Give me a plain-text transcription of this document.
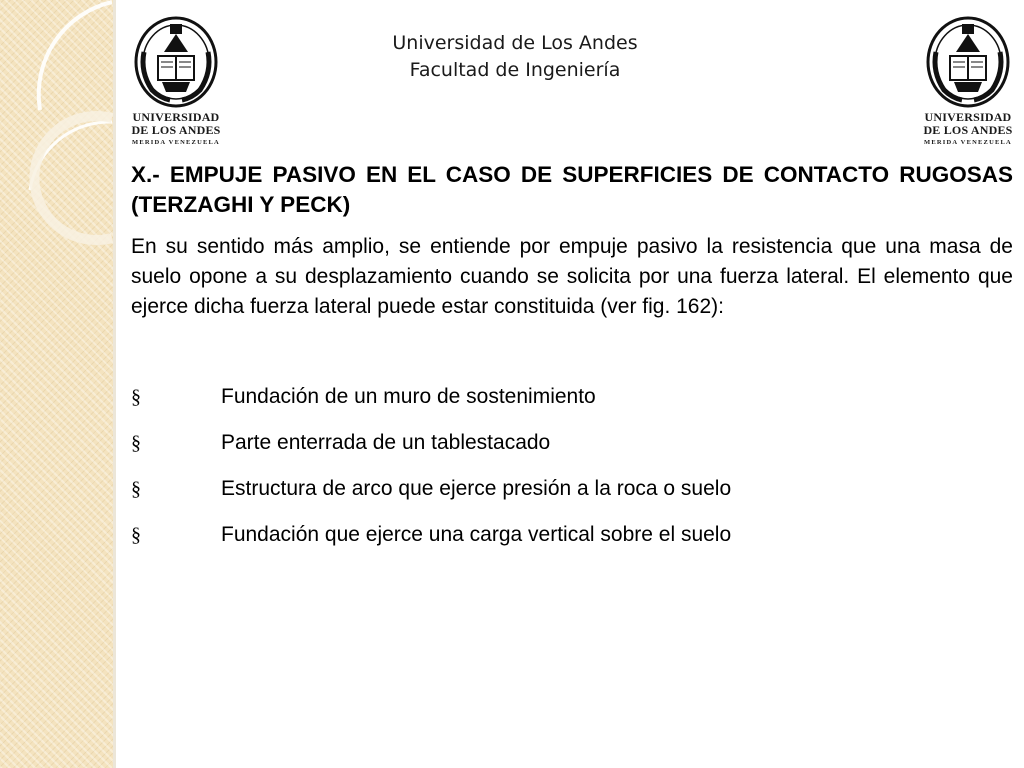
UNIVERSIDAD
DE LOS ANDES
MERIDA VENEZUELA
UNIVERSIDAD
DE LOS ANDES
MERIDA VENEZUELA
Universidad de Los Andes
Facultad de Ingeniería
X.- EMPUJE PASIVO EN EL CASO DE SUPERFICIES DE CONTACTO RUGOSAS (TERZAGHI Y PECK)

En su sentido más amplio, se entiende por empuje pasivo la resistencia que una masa de suelo opone a su desplazamiento cuando se solicita por una fuerza lateral. El elemento que ejerce dicha fuerza lateral puede estar constituida (ver fig. 162):

§	Fundación de un muro de sostenimiento
§	Parte enterrada de un tablestacado
§	Estructura de arco que ejerce presión a la roca o suelo
§	Fundación que ejerce una carga vertical sobre el suelo
